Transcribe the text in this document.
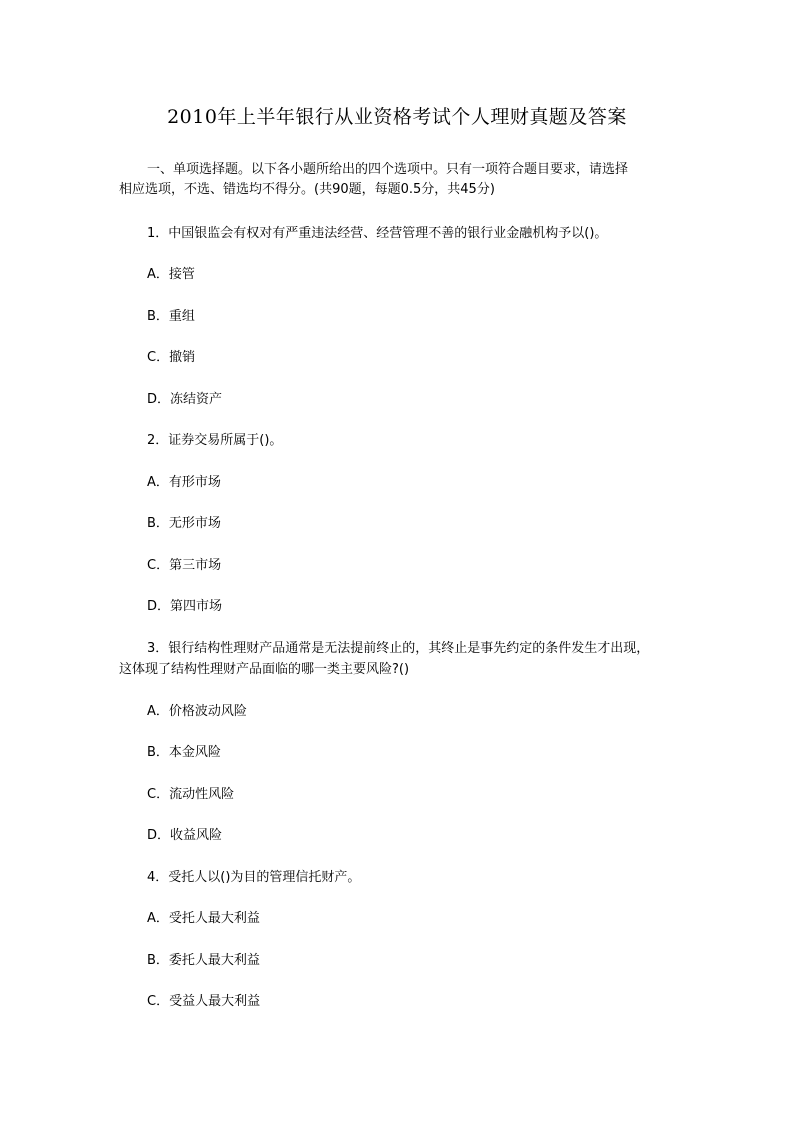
2010年上半年银行从业资格考试个人理财真题及答案
一、单项选择题。以下各小题所给出的四个选项中。只有一项符合题目要求，请选择
相应选项，不选、错选均不得分。(共90题，每题0.5分，共45分)
1．中国银监会有权对有严重违法经营、经营管理不善的银行业金融机构予以()。
A．接管
B．重组
C．撤销
D．冻结资产
2．证券交易所属于()。
A．有形市场
B．无形市场
C．第三市场
D．第四市场
3．银行结构性理财产品通常是无法提前终止的，其终止是事先约定的条件发生才出现，
这体现了结构性理财产品面临的哪一类主要风险?()
A．价格波动风险
B．本金风险
C．流动性风险
D．收益风险
4．受托人以()为目的管理信托财产。
A．受托人最大利益
B．委托人最大利益
C．受益人最大利益
